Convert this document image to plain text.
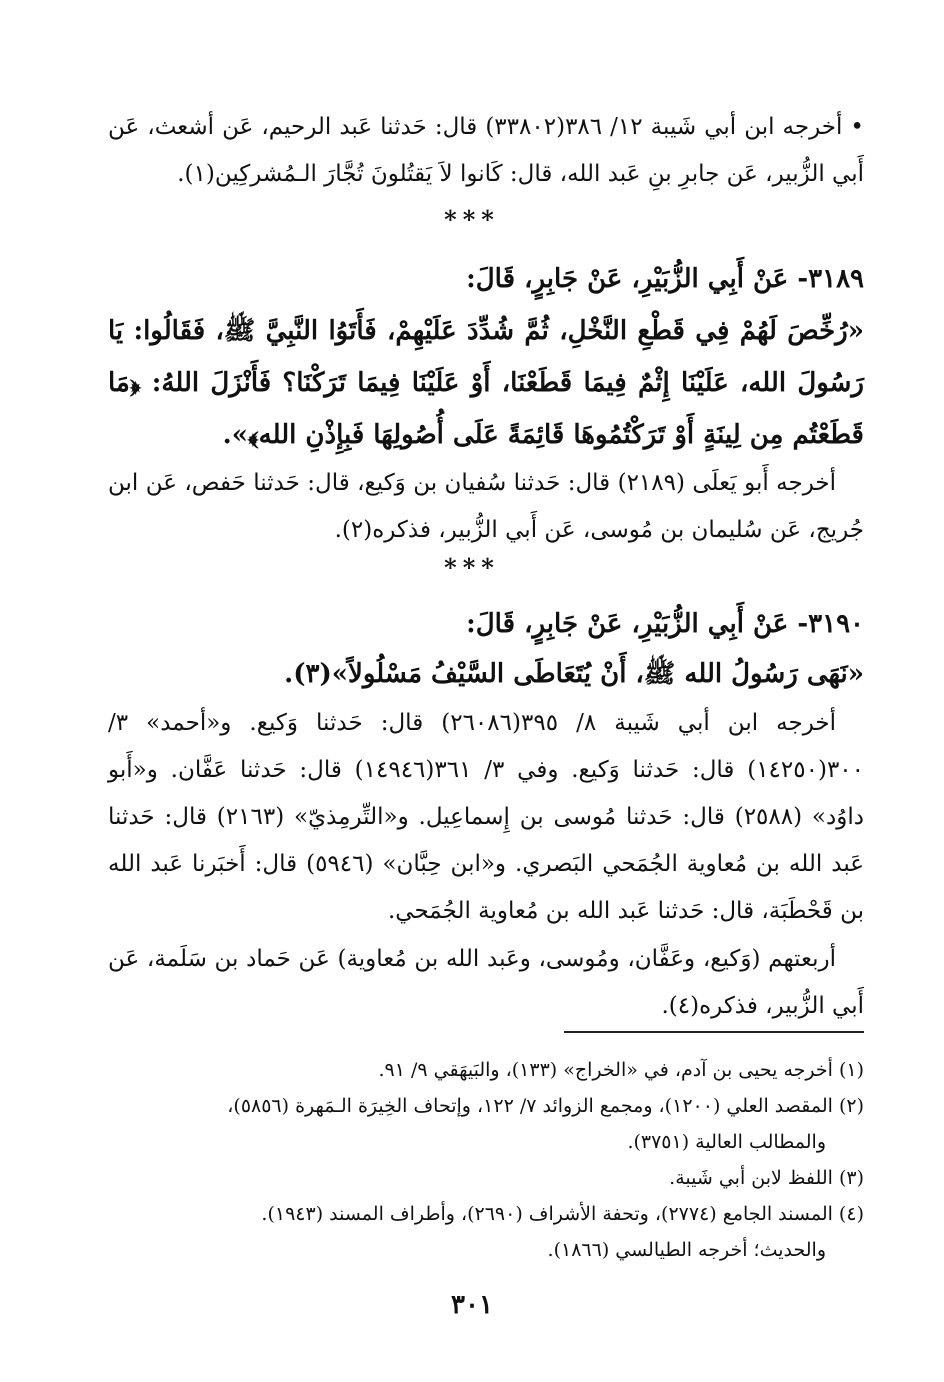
• أخرجه ابن أبي شَيبة ١٢/ ٣٨٦(٣٣٨٠٢) قال: حَدثنا عَبد الرحيم، عَن أشعث، عَن أَبي الزُّبير، عَن جابرِ بنِ عَبد الله، قال: كَانوا لاَ يَقتُلونَ تُجَّارَ الـمُشركِين(١).
***
٣١٨٩- عَنْ أَبِي الزُّبَيْرِ، عَنْ جَابِرٍ، قَالَ:
«رُخِّصَ لَهُمْ فِي قَطْعِ النَّخْلِ، ثُمَّ شُدِّدَ عَلَيْهِمْ، فَأَتَوُا النَّبِيَّ ﷺ، فَقَالُوا: يَا رَسُولَ الله، عَلَيْنَا إِثْمٌ فِيمَا قَطَعْنَا، أَوْ عَلَيْنَا فِيمَا تَرَكْنَا؟ فَأَنْزَلَ اللهُ: ﴿مَا قَطَعْتُم مِن لِينَةٍ أَوْ تَرَكْتُمُوهَا قَائِمَةً عَلَى أُصُولِهَا فَبِإِذْنِ الله﴾».
أخرجه أَبو يَعلَى (٢١٨٩) قال: حَدثنا سُفيان بن وَكيع، قال: حَدثنا حَفص، عَن ابن جُريج، عَن سُليمان بن مُوسى، عَن أَبي الزُّبير، فذكره(٢).
***
٣١٩٠- عَنْ أَبِي الزُّبَيْرِ، عَنْ جَابِرٍ، قَالَ:
«نَهَى رَسُولُ الله ﷺ، أَنْ يُتَعَاطَى السَّيْفُ مَسْلُولاً»(٣).
أخرجه ابن أبي شَيبة ٨/ ٣٩٥(٢٦٠٨٦) قال: حَدثنا وَكيع. و«أحمد» ٣/ ٣٠٠(١٤٢٥٠) قال: حَدثنا وَكيع. وفي ٣/ ٣٦١(١٤٩٤٦) قال: حَدثنا عَفَّان. و«أَبو داوُد» (٢٥٨٨) قال: حَدثنا مُوسى بن إِسماعِيل. و«التِّرمِذيّ» (٢١٦٣) قال: حَدثنا عَبد الله بن مُعاوية الجُمَحي البَصري. و«ابن حِبَّان» (٥٩٤٦) قال: أَخبَرنا عَبد الله بن قَحْطَبَة، قال: حَدثنا عَبد الله بن مُعاوية الجُمَحي.
أربعتهم (وَكيع، وعَفَّان، ومُوسى، وعَبد الله بن مُعاوية) عَن حَماد بن سَلَمة، عَن أَبي الزُّبير، فذكره(٤).
(١) أخرجه يحيى بن آدم، في «الخراج» (١٣٣)، والبَيهَقي ٩/ ٩١.
(٢) المقصد العلي (١٢٠٠)، ومجمع الزوائد ٧/ ١٢٢، وإتحاف الخِيرَة الـمَهرة (٥٨٥٦)،
والمطالب العالية (٣٧٥١).
(٣) اللفظ لابن أبي شَيبة.
(٤) المسند الجامع (٢٧٧٤)، وتحفة الأشراف (٢٦٩٠)، وأطراف المسند (١٩٤٣).
والحديث؛ أخرجه الطيالسي (١٨٦٦).
٣٠١
